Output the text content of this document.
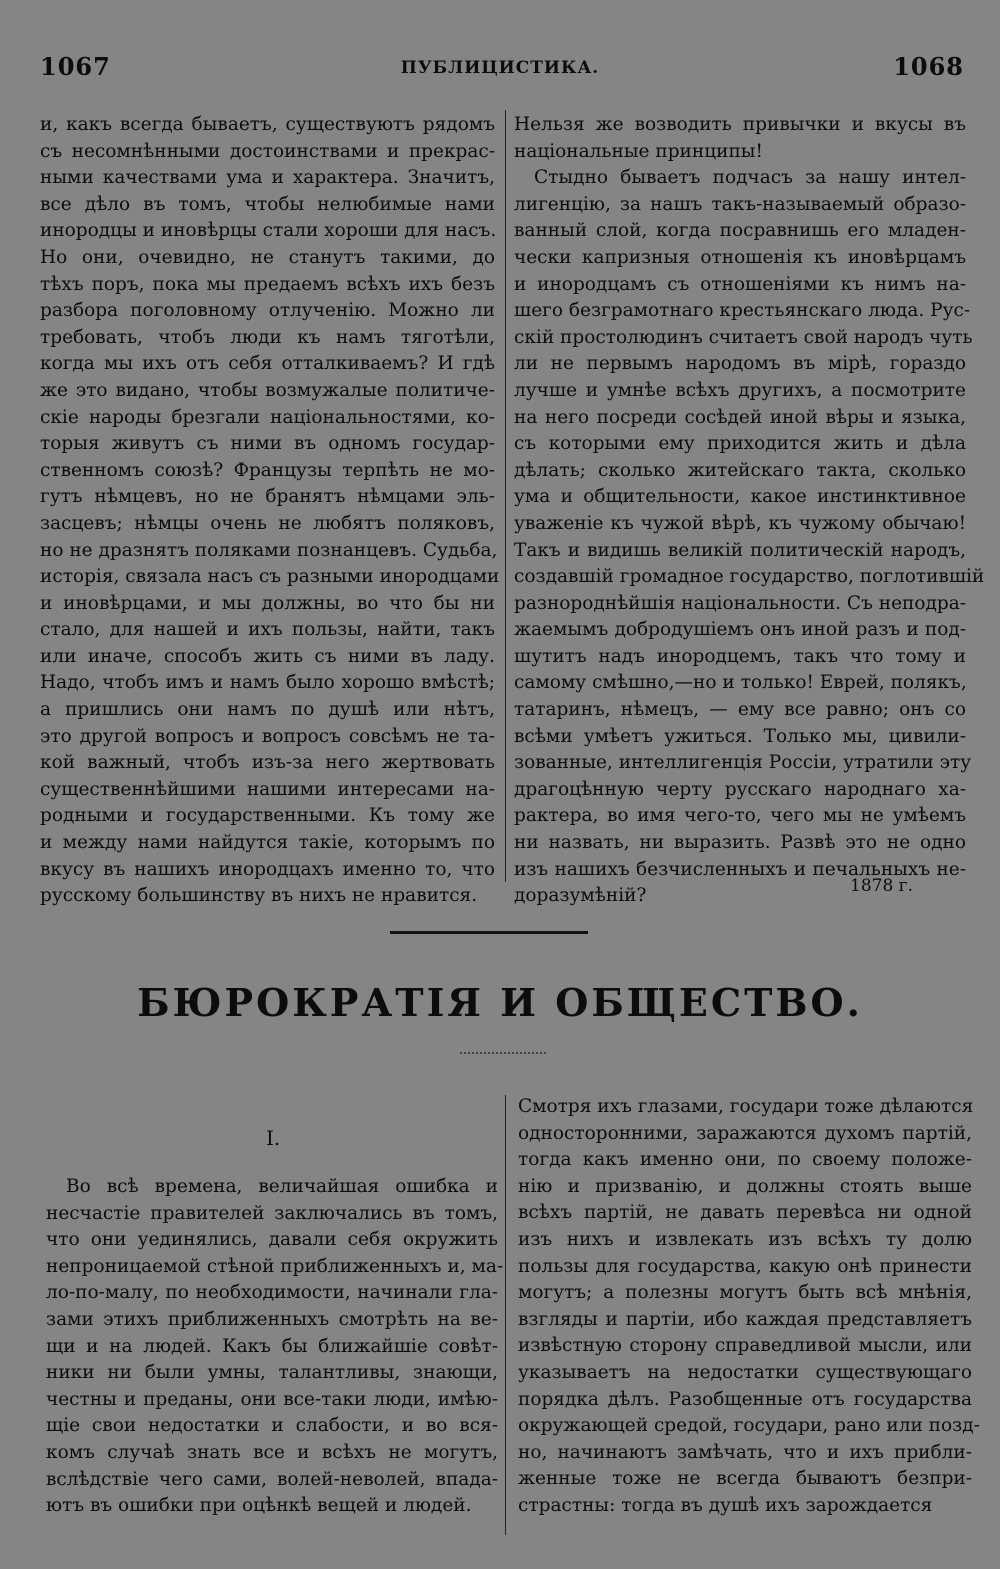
1067	ПУБЛИЦИСТИКА.	1068
и, какъ всегда бываетъ, существуютъ рядомъ
съ несомнѣнными достоинствами и прекрас-
ными качествами ума и характера. Значитъ,
все дѣло въ томъ, чтобы нелюбимые нами
инородцы и иновѣрцы стали хороши для насъ.
Но они, очевидно, не станутъ такими, до
тѣхъ поръ, пока мы предаемъ всѣхъ ихъ безъ
разбора поголовному отлученію. Можно ли
требовать, чтобъ люди къ намъ тяготѣли,
когда мы ихъ отъ себя отталкиваемъ? И гдѣ
же это видано, чтобы возмужалые политиче-
скіе народы брезгали національностями, ко-
торыя живутъ съ ними въ одномъ государ-
ственномъ союзѣ? Французы терпѣть не мо-
гутъ нѣмцевъ, но не бранятъ нѣмцами эль-
засцевъ; нѣмцы очень не любятъ поляковъ,
но не дразнятъ поляками познанцевъ. Судьба,
исторія, связала насъ съ разными инородцами
и иновѣрцами, и мы должны, во что бы ни
стало, для нашей и ихъ пользы, найти, такъ
или иначе, способъ жить съ ними въ ладу.
Надо, чтобъ имъ и намъ было хорошо вмѣстѣ;
а пришлись они намъ по душѣ или нѣтъ,
это другой вопросъ и вопросъ совсѣмъ не та-
кой важный, чтобъ изъ-за него жертвовать
существеннѣйшими нашими интересами на-
родными и государственными. Къ тому же
и между нами найдутся такіе, которымъ по
вкусу въ нашихъ инородцахъ именно то, что
русскому большинству въ нихъ не нравится.
Нельзя же возводить привычки и вкусы въ
національные принципы!
Стыдно бываетъ подчасъ за нашу интел-
лигенцію, за нашъ такъ-называемый образо-
ванный слой, когда посравнишь его младен-
чески капризныя отношенія къ иновѣрцамъ
и инородцамъ съ отношеніями къ нимъ на-
шего безграмотнаго крестьянскаго люда. Рус-
скій простолюдинъ считаетъ свой народъ чуть
ли не первымъ народомъ въ мірѣ, гораздо
лучше и умнѣе всѣхъ другихъ, а посмотрите
на него посреди сосѣдей иной вѣры и языка,
съ которыми ему приходится жить и дѣла
дѣлать; сколько житейскаго такта, сколько
ума и общительности, какое инстинктивное
уваженіе къ чужой вѣрѣ, къ чужому обычаю!
Такъ и видишь великій политическій народъ,
создавшій громадное государство, поглотившій
разнороднѣйшія національности. Съ неподра-
жаемымъ добродушіемъ онъ иной разъ и под-
шутитъ надъ инородцемъ, такъ что тому и
самому смѣшно,—но и только! Еврей, полякъ,
татаринъ, нѣмецъ, — ему все равно; онъ со
всѣми умѣетъ ужиться. Только мы, цивили-
зованные, интеллигенція Россіи, утратили эту
драгоцѣнную черту русскаго народнаго ха-
рактера, во имя чего-то, чего мы не умѣемъ
ни назвать, ни выразить. Развѣ это не одно
изъ нашихъ безчисленныхъ и печальныхъ не-
доразумѣній?	1878 г.
БЮРОКРАТІЯ И ОБЩЕСТВО.
I.
Во всѣ времена, величайшая ошибка и
несчастіе правителей заключались въ томъ,
что они уединялись, давали себя окружить
непроницаемой стѣной приближенныхъ и, ма-
ло-по-малу, по необходимости, начинали гла-
зами этихъ приближенныхъ смотрѣть на ве-
щи и на людей. Какъ бы ближайшіе совѣт-
ники ни были умны, талантливы, знающи,
честны и преданы, они все-таки люди, имѣю-
щіе свои недостатки и слабости, и во вся-
комъ случаѣ знать все и всѣхъ не могутъ,
вслѣдствіе чего сами, волей-неволей, впада-
ютъ въ ошибки при оцѣнкѣ вещей и людей.
Смотря ихъ глазами, государи тоже дѣлаются
односторонними, заражаются духомъ партій,
тогда какъ именно они, по своему положе-
нію и призванію, и должны стоять выше
всѣхъ партій, не давать перевѣса ни одной
изъ нихъ и извлекать изъ всѣхъ ту долю
пользы для государства, какую онѣ принести
могутъ; а полезны могутъ быть всѣ мнѣнія,
взгляды и партіи, ибо каждая представляетъ
извѣстную сторону справедливой мысли, или
указываетъ на недостатки существующаго
порядка дѣлъ. Разобщенные отъ государства
окружающей средой, государи, рано или позд-
но, начинаютъ замѣчать, что и ихъ прибли-
женные тоже не всегда бываютъ безпри-
страстны: тогда въ душѣ ихъ зарождается
